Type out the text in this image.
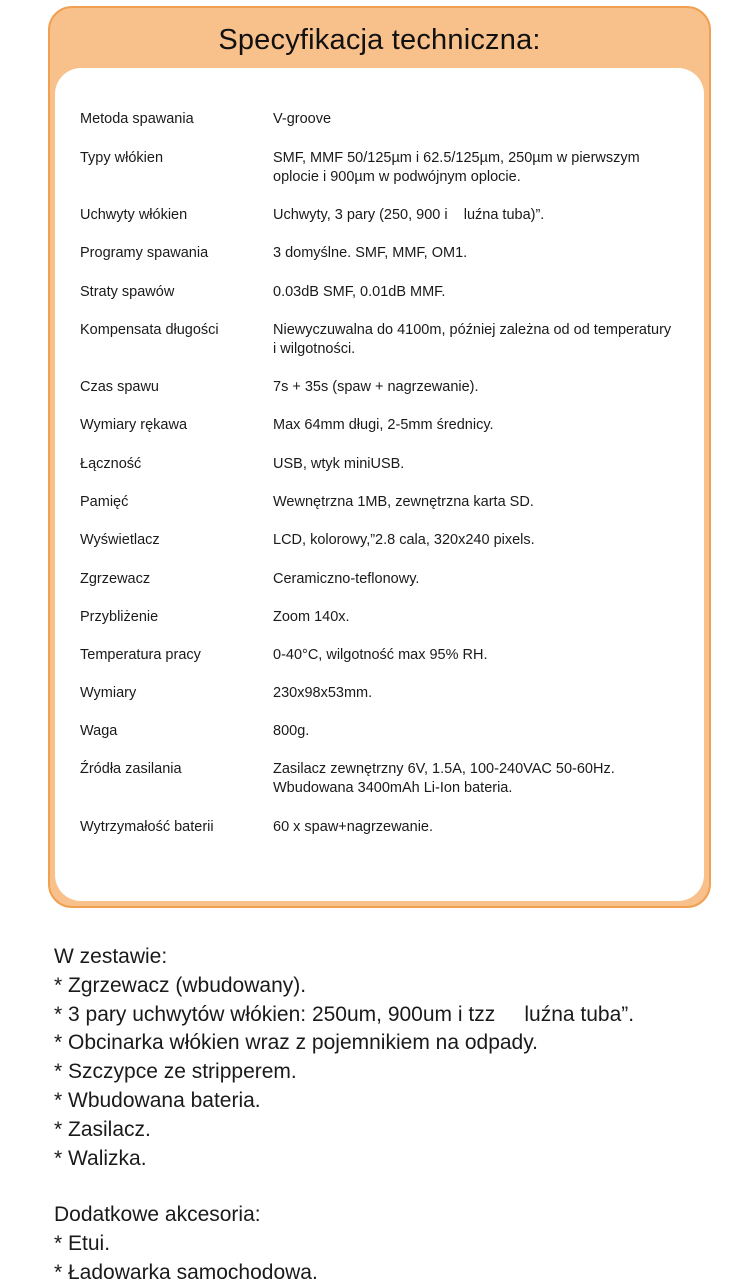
Specyfikacja techniczna:
Metoda spawania	V-groove
Typy włókien	SMF, MMF 50/125µm i 62.5/125µm, 250µm w pierwszym oplocie i 900µm w podwójnym oplocie.
Uchwyty włókien	Uchwyty, 3 pary (250, 900 i    luźna tuba)”.
Programy spawania	3 domyślne. SMF, MMF, OM1.
Straty spawów	0.03dB SMF, 0.01dB MMF.
Kompensata długości	Niewyczuwalna do 4100m, później zależna od od temperatury i wilgotności.
Czas spawu	7s + 35s (spaw + nagrzewanie).
Wymiary rękawa	Max 64mm długi, 2-5mm średnicy.
Łączność	USB, wtyk miniUSB.
Pamięć	Wewnętrzna 1MB, zewnętrzna karta SD.
Wyświetlacz	LCD, kolorowy,”2.8 cala, 320x240 pixels.
Zgrzewacz	Ceramiczno-teflonowy.
Przybliżenie	Zoom 140x.
Temperatura pracy	0-40°C, wilgotność max 95% RH.
Wymiary	230x98x53mm.
Waga	800g.
Źródła zasilania	Zasilacz zewnętrzny 6V, 1.5A, 100-240VAC 50-60Hz. Wbudowana 3400mAh Li-Ion bateria.
Wytrzymałość baterii	60 x spaw+nagrzewanie.
W zestawie:
* Zgrzewacz (wbudowany).
* 3 pary uchwytów włókien: 250um, 900um i tzz     luźna tuba”.
* Obcinarka włókien wraz z pojemnikiem na odpady.
* Szczypce ze stripperem.
* Wbudowana bateria.
* Zasilacz.
* Walizka.
Dodatkowe akcesoria:
* Etui.
* Ładowarka samochodowa.
